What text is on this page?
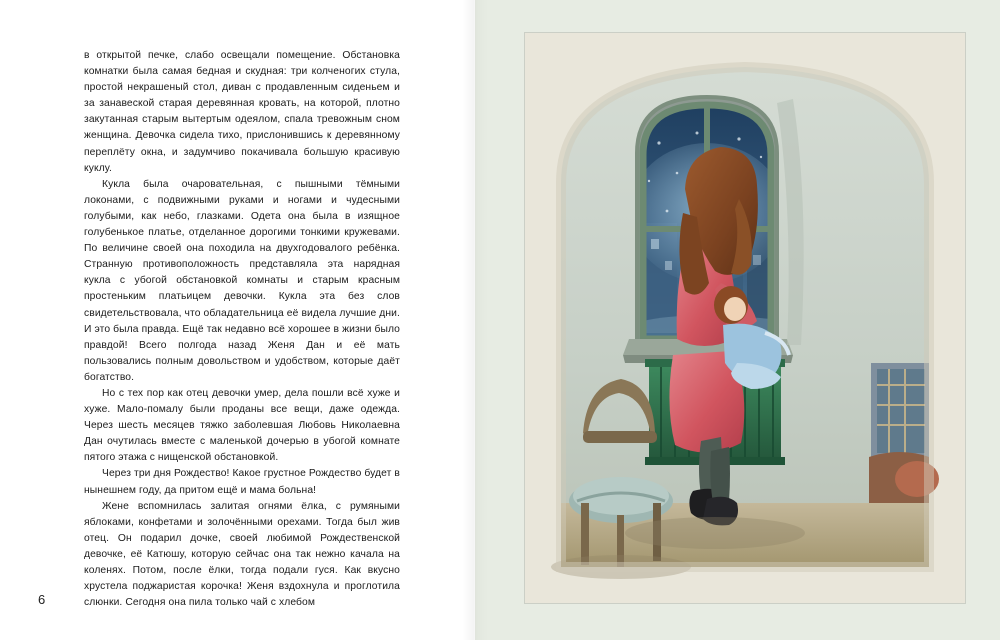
в открытой печке, слабо освещали помещение. Обстановка комнатки была самая бедная и скудная: три колченогих стула, простой некрашеный стол, диван с продавленным сиденьем и за занавеской старая деревянная кровать, на которой, плотно закутанная старым вытертым одеялом, спала тревожным сном женщина. Девочка сидела тихо, прислонившись к деревянному переплёту окна, и задумчиво покачивала большую красивую куклу.

Кукла была очаровательная, с пышными тёмными локонами, с подвижными руками и ногами и чудесными голубыми, как небо, глазками. Одета она была в изящное голубенькое платье, отделанное дорогими тонкими кружевами. По величине своей она походила на двухгодовалого ребёнка. Странную противоположность представляла эта нарядная кукла с убогой обстановкой комнаты и старым красным простеньким платьицем девочки. Кукла эта без слов свидетельствовала, что обладательница её видела лучшие дни. И это была правда. Ещё так недавно всё хорошее в жизни было правдой! Всего полгода назад Женя Дан и её мать пользовались полным довольством и удобством, которые даёт богатство.

Но с тех пор как отец девочки умер, дела пошли всё хуже и хуже. Мало-помалу были проданы все вещи, даже одежда. Через шесть месяцев тяжко заболевшая Любовь Николаевна Дан очутилась вместе с маленькой дочерью в убогой комнате пятого этажа с нищенской обстановкой.

Через три дня Рождество! Какое грустное Рождество будет в нынешнем году, да притом ещё и мама больна!

Жене вспомнилась залитая огнями ёлка, с румяными яблоками, конфетами и золочёнными орехами. Тогда был жив отец. Он подарил дочке, своей любимой Рождественской девочке, её Катюшу, которую сейчас она так нежно качала на коленях. Потом, после ёлки, тогда подали гуся. Как вкусно хрустела поджаристая корочка! Женя вздохнула и проглотила слюнки. Сегодня она пила только чай с хлебом

6
